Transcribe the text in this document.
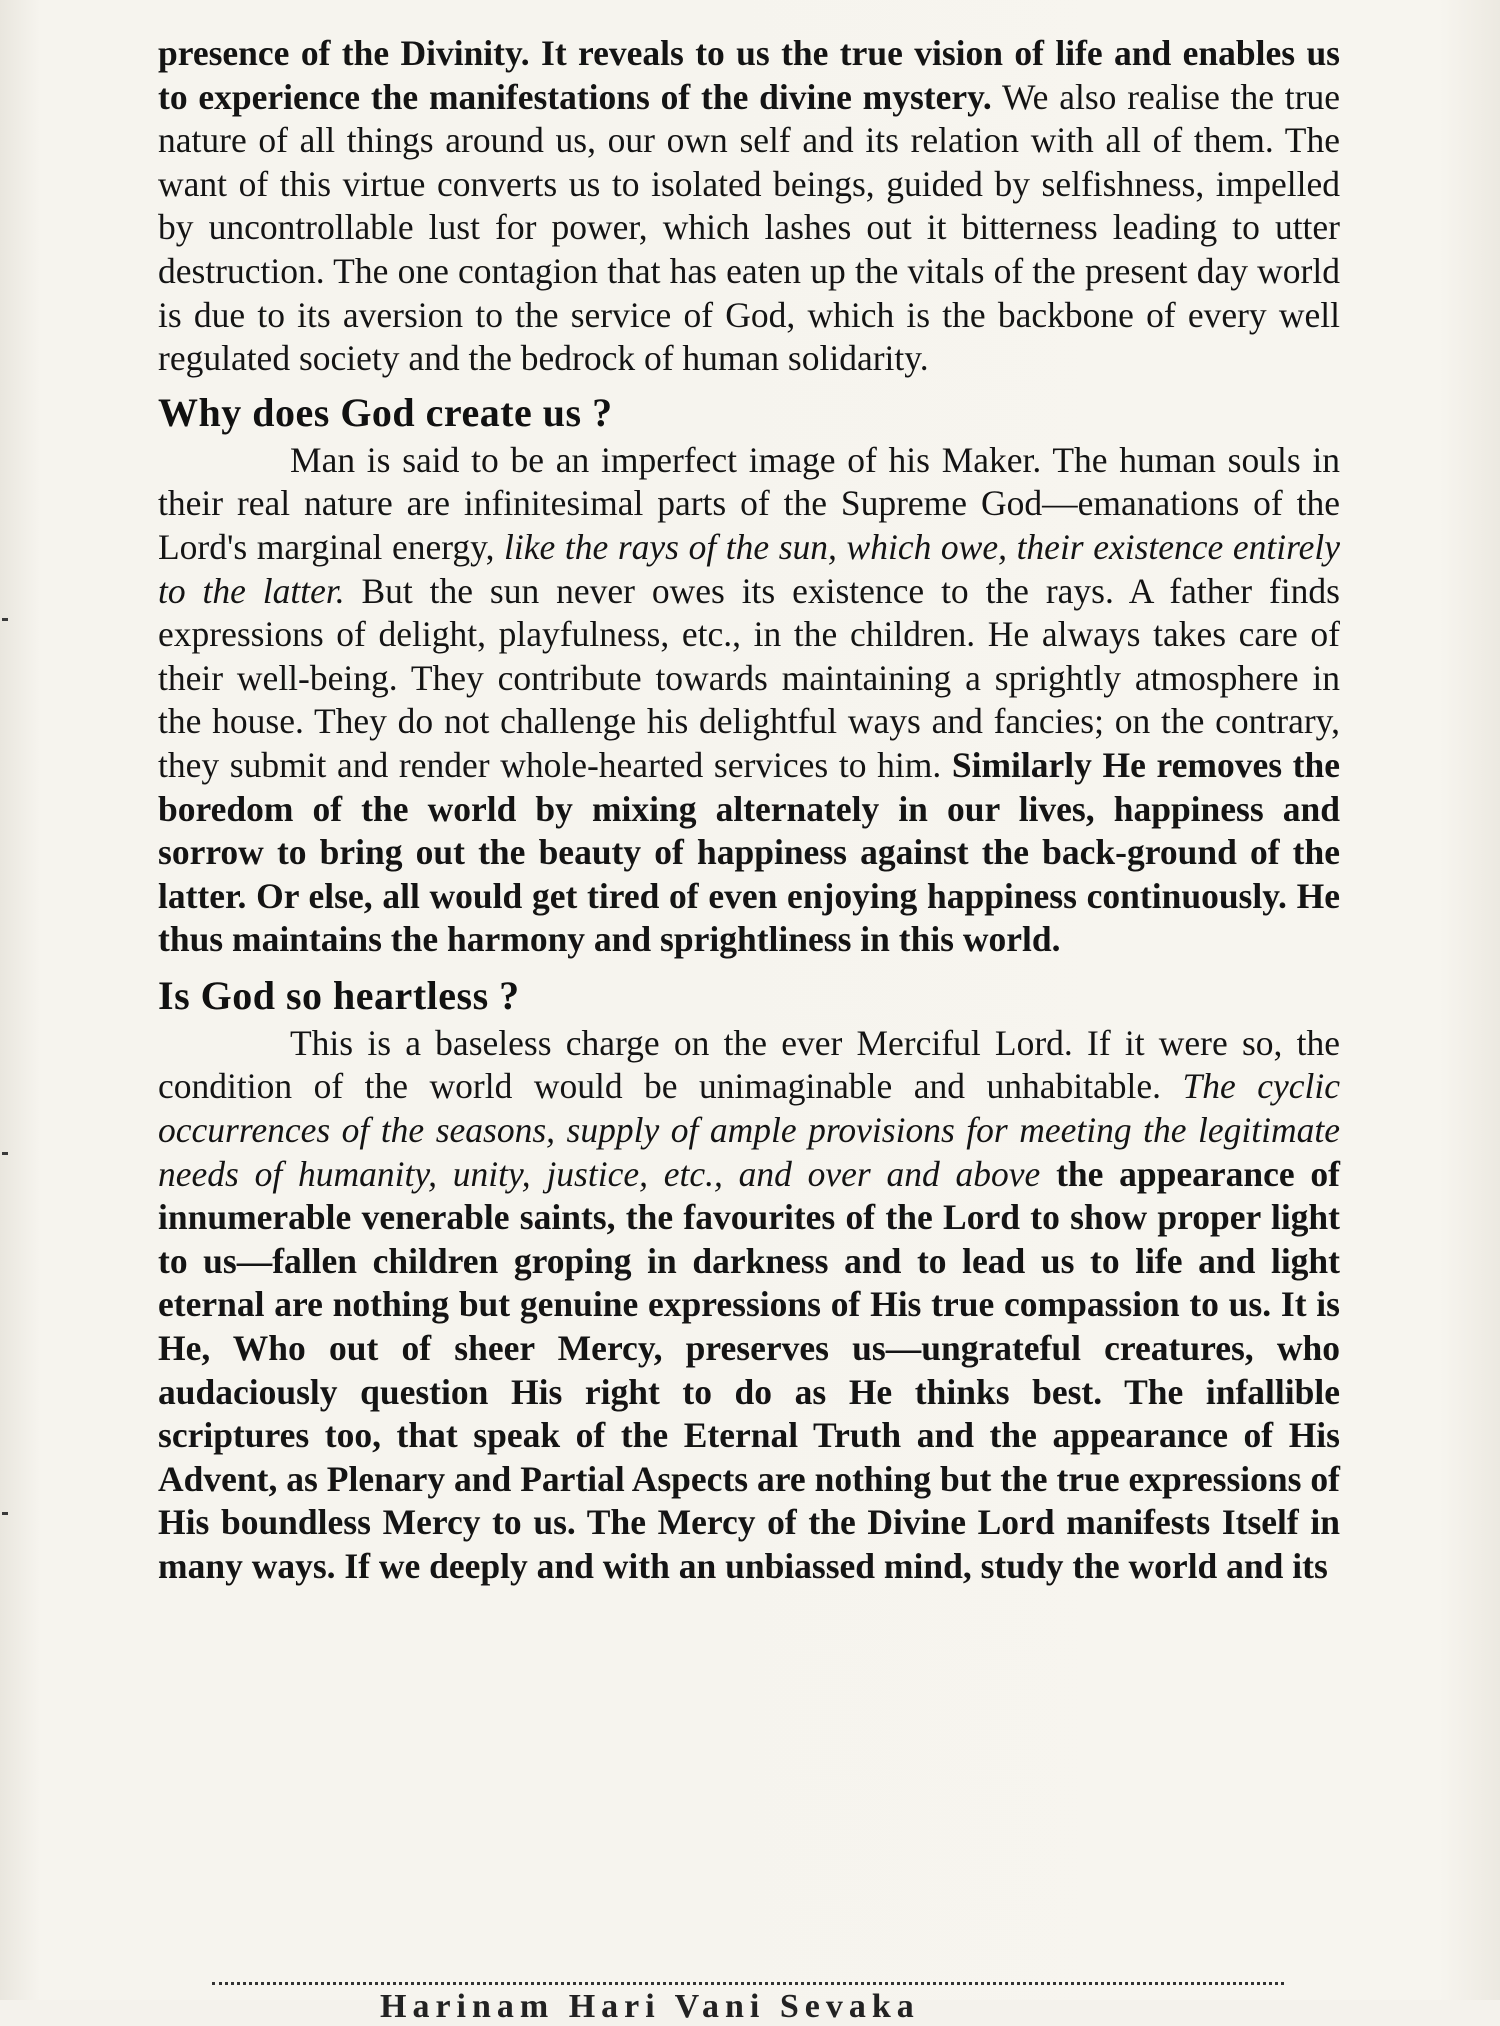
presence of the Divinity. It reveals to us the true vision of life and enables us to experience the manifestations of the divine mystery. We also realise the true nature of all things around us, our own self and its relation with all of them. The want of this virtue converts us to isolated beings, guided by selfishness, impelled by uncontrollable lust for power, which lashes out it bitterness leading to utter destruction. The one contagion that has eaten up the vitals of the present day world is due to its aversion to the service of God, which is the backbone of every well regulated society and the bedrock of human solidarity.

Why does God create us ?

Man is said to be an imperfect image of his Maker. The human souls in their real nature are infinitesimal parts of the Supreme God—emanations of the Lord's marginal energy, like the rays of the sun, which owe, their existence entirely to the latter. But the sun never owes its existence to the rays. A father finds expressions of delight, playfulness, etc., in the children. He always takes care of their well-being. They contribute towards maintaining a sprightly atmosphere in the house. They do not challenge his delightful ways and fancies; on the contrary, they submit and render whole-hearted services to him. Similarly He removes the boredom of the world by mixing alternately in our lives, happiness and sorrow to bring out the beauty of happiness against the back-ground of the latter. Or else, all would get tired of even enjoying happiness continuously. He thus maintains the harmony and sprightliness in this world.

Is God so heartless ?

This is a baseless charge on the ever Merciful Lord. If it were so, the condition of the world would be unimaginable and unhabitable. The cyclic occurrences of the seasons, supply of ample provisions for meeting the legitimate needs of humanity, unity, justice, etc., and over and above the appearance of innumerable venerable saints, the favourites of the Lord to show proper light to us—fallen children groping in darkness and to lead us to life and light eternal are nothing but genuine expressions of His true compassion to us. It is He, Who out of sheer Mercy, preserves us—ungrateful creatures, who audaciously question His right to do as He thinks best. The infallible scriptures too, that speak of the Eternal Truth and the appearance of His Advent, as Plenary and Partial Aspects are nothing but the true expressions of His boundless Mercy to us. The Mercy of the Divine Lord manifests Itself in many ways. If we deeply and with an unbiassed mind, study the world and its

Harinam Hari Vani Sevaka
